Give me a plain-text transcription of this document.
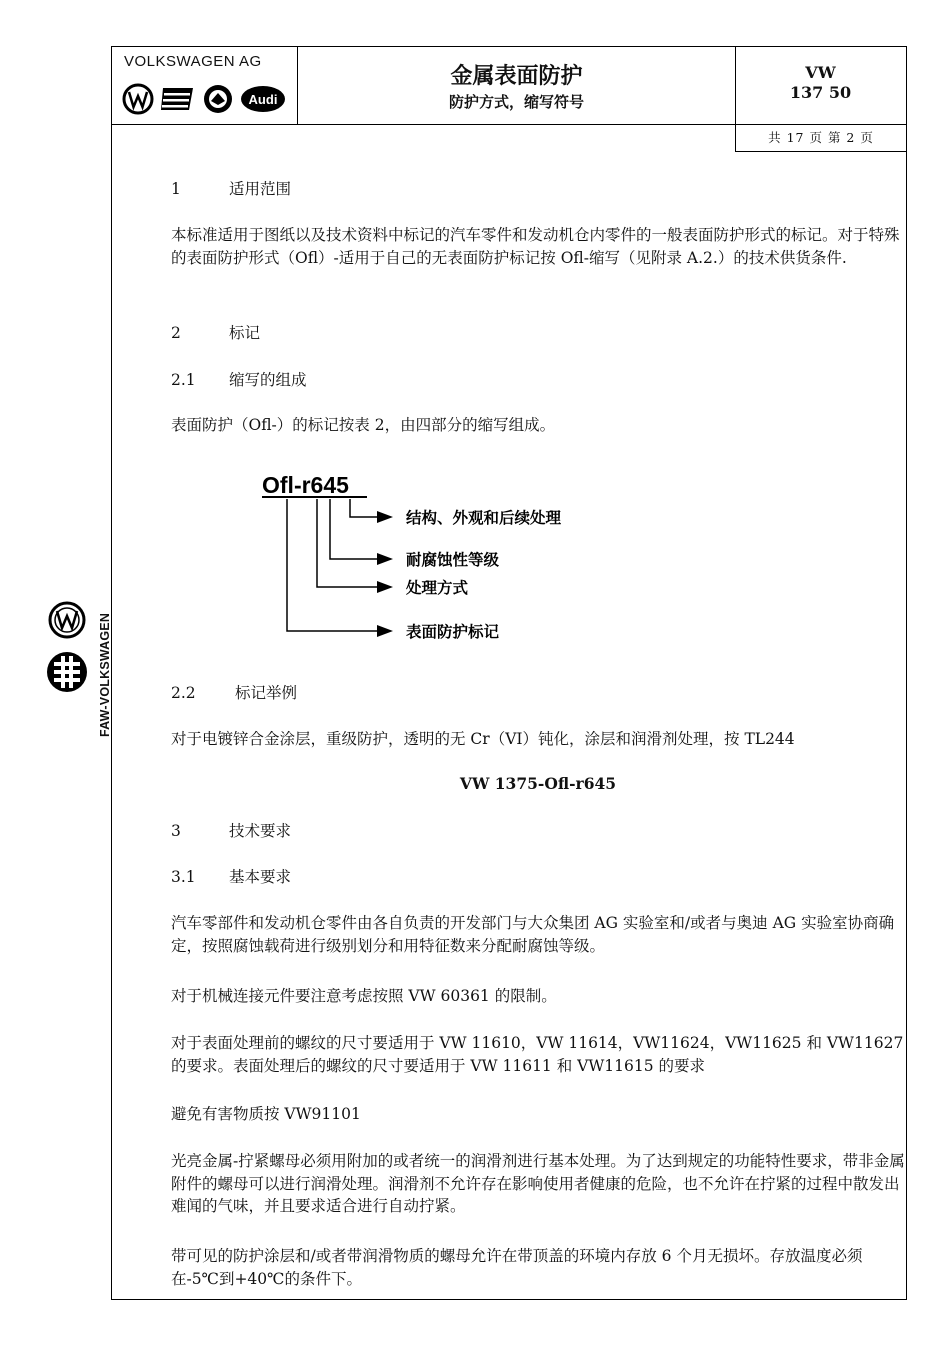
FAW-VOLKSWAGEN
VOLKSWAGEN AG
Audi
金属表面防护
防护方式，缩写符号
VW
137 50
共 17 页 第 2 页
1	适用范围
本标准适用于图纸以及技术资料中标记的汽车零件和发动机仓内零件的一般表面防护形式的标记。对于特殊的表面防护形式（Ofl）-适用于自己的无表面防护标记按 Ofl-缩写（见附录 A.2.）的技术供货条件.
2	标记
2.1 缩写的组成
表面防护（Ofl-）的标记按表 2，由四部分的缩写组成。
Ofl-r645
结构、外观和后续处理
耐腐蚀性等级
处理方式
表面防护标记
2.2	标记举例
对于电镀锌合金涂层，重级防护，透明的无 Cr（VI）钝化，涂层和润滑剂处理，按 TL244
VW 1375-Ofl-r645
3	技术要求
3.1 基本要求
汽车零部件和发动机仓零件由各自负责的开发部门与大众集团 AG 实验室和/或者与奥迪 AG 实验室协商确定，按照腐蚀载荷进行级别划分和用特征数来分配耐腐蚀等级。
对于机械连接元件要注意考虑按照 VW 60361 的限制。
对于表面处理前的螺纹的尺寸要适用于 VW 11610，VW 11614，VW11624，VW11625 和 VW11627 的要求。表面处理后的螺纹的尺寸要适用于 VW 11611 和 VW11615 的要求
避免有害物质按 VW91101
光亮金属-拧紧螺母必须用附加的或者统一的润滑剂进行基本处理。为了达到规定的功能特性要求，带非金属附件的螺母可以进行润滑处理。润滑剂不允许存在影响使用者健康的危险，也不允许在拧紧的过程中散发出难闻的气味，并且要求适合进行自动拧紧。
带可见的防护涂层和/或者带润滑物质的螺母允许在带顶盖的环境内存放 6 个月无损坏。存放温度必须在-5℃到+40℃的条件下。
